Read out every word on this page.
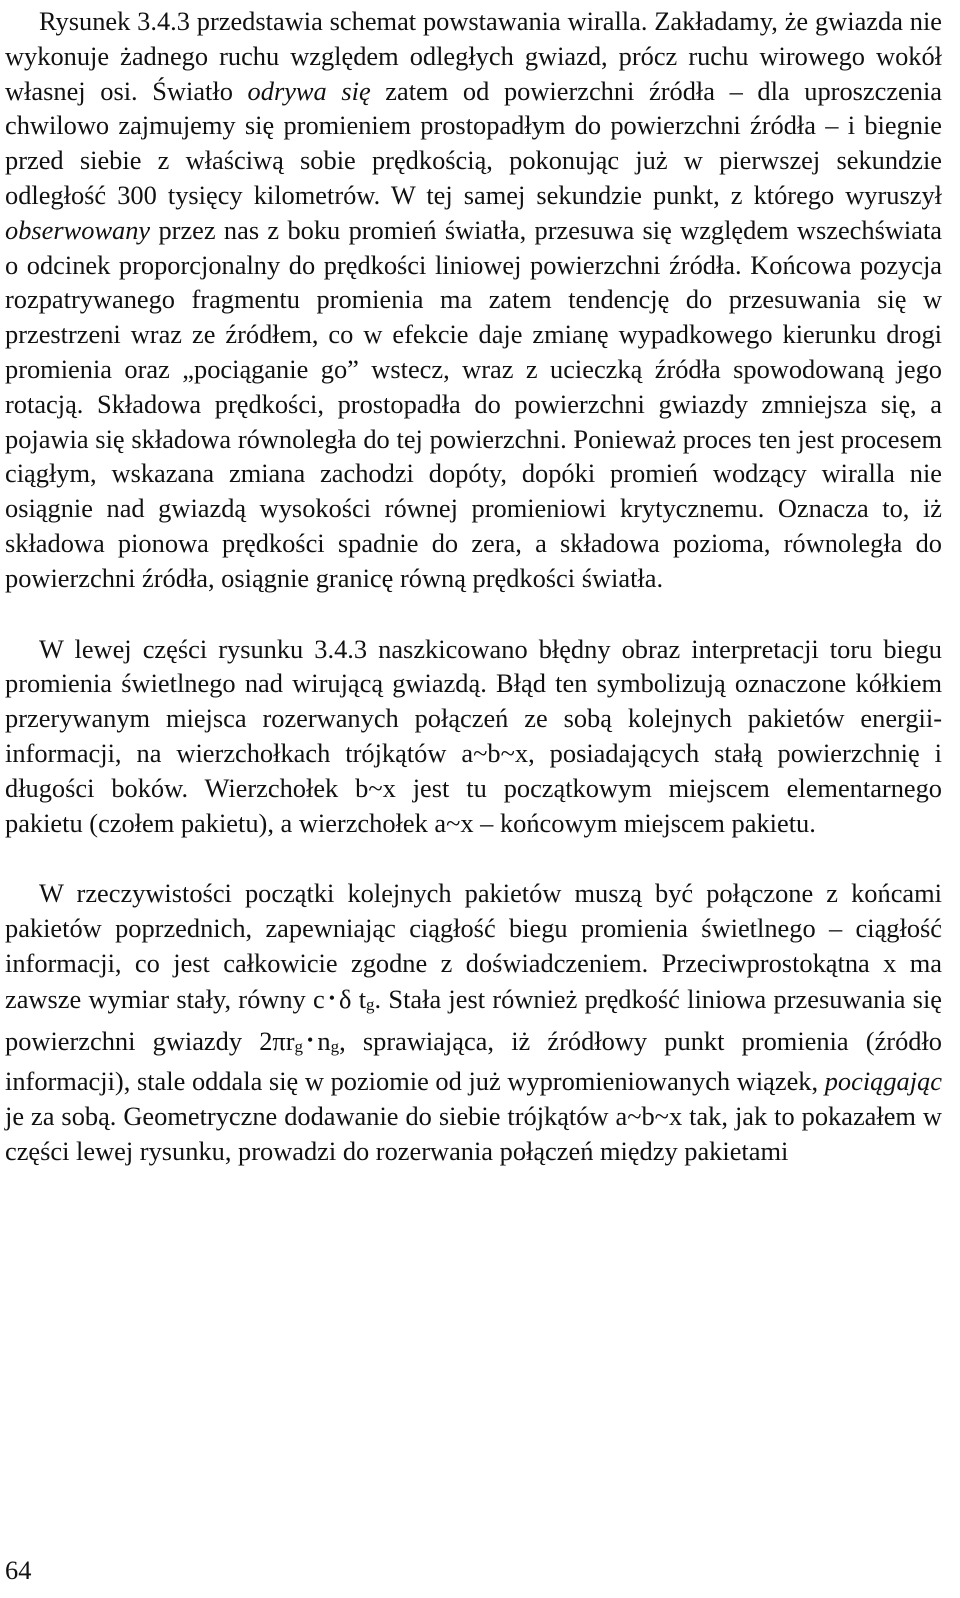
Rysunek 3.4.3 przedstawia schemat powstawania wiralla. Zakładamy, że gwiazda nie wykonuje żadnego ruchu względem odległych gwiazd, prócz ruchu wirowego wokół własnej osi. Światło odrywa się zatem od powierzchni źródła – dla uproszczenia chwilowo zajmujemy się promieniem prostopadłym do powierzchni źródła – i biegnie przed siebie z właściwą sobie prędkością, pokonując już w pierwszej sekundzie odległość 300 tysięcy kilometrów. W tej samej sekundzie punkt, z którego wyruszył obserwowany przez nas z boku promień światła, przesuwa się względem wszechświata o odcinek proporcjonalny do prędkości liniowej powierzchni źródła. Końcowa pozycja rozpatrywanego fragmentu promienia ma zatem tendencję do przesuwania się w przestrzeni wraz ze źródłem, co w efekcie daje zmianę wypadkowego kierunku drogi promienia oraz „pociąganie go” wstecz, wraz z ucieczką źródła spowodowaną jego rotacją. Składowa prędkości, prostopadła do powierzchni gwiazdy zmniejsza się, a pojawia się składowa równoległa do tej powierzchni. Ponieważ proces ten jest procesem ciągłym, wskazana zmiana zachodzi dopóty, dopóki promień wodzący wiralla nie osiągnie nad gwiazdą wysokości równej promieniowi krytycznemu. Oznacza to, iż składowa pionowa prędkości spadnie do zera, a składowa pozioma, równoległa do powierzchni źródła, osiągnie granicę równą prędkości światła.

W lewej części rysunku 3.4.3 naszkicowano błędny obraz interpretacji toru biegu promienia świetlnego nad wirującą gwiazdą. Błąd ten symbolizują oznaczone kółkiem przerywanym miejsca rozerwanych połączeń ze sobą kolejnych pakietów energii-informacji, na wierzchołkach trójkątów a~b~x, posiadających stałą powierzchnię i długości boków. Wierzchołek b~x jest tu początkowym miejscem elementarnego pakietu (czołem pakietu), a wierzchołek a~x – końcowym miejscem pakietu.

W rzeczywistości początki kolejnych pakietów muszą być połączone z końcami pakietów poprzednich, zapewniając ciągłość biegu promienia świetlnego – ciągłość informacji, co jest całkowicie zgodne z doświadczeniem. Przeciwprostokątna x ma zawsze wymiar stały, równy c • δ tg. Stała jest również prędkość liniowa przesuwania się powierzchni gwiazdy 2πrg • ng, sprawiająca, iż źródłowy punkt promienia (źródło informacji), stale oddala się w poziomie od już wypromieniowanych wiązek, pociągając je za sobą. Geometryczne dodawanie do siebie trójkątów a~b~x tak, jak to pokazałem w części lewej rysunku, prowadzi do rozerwania połączeń między pakietami

64
